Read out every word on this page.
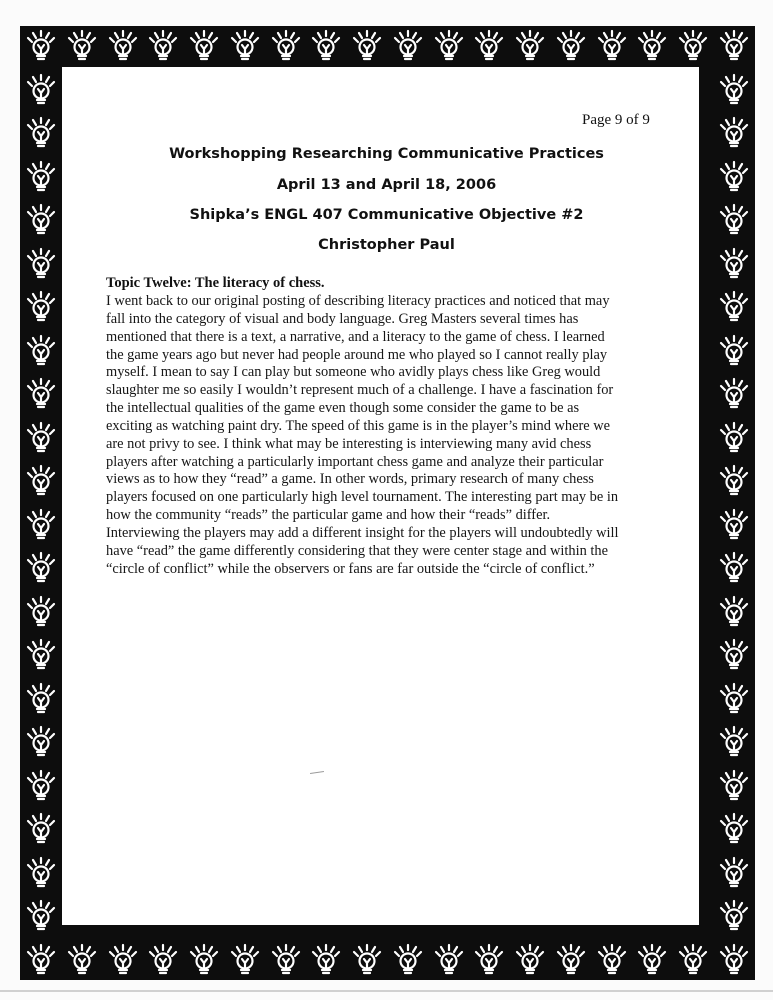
Page 9 of 9
Workshopping Researching Communicative Practices
April 13 and April 18, 2006
Shipka’s ENGL 407 Communicative Objective #2
Christopher Paul
Topic Twelve: The literacy of chess.
I went back to our original posting of describing literacy practices and noticed that may
fall into the category of visual and body language. Greg Masters several times has
mentioned that there is a text, a narrative, and a literacy to the game of chess. I learned
the game years ago but never had people around me who played so I cannot really play
myself. I mean to say I can play but someone who avidly plays chess like Greg would
slaughter me so easily I wouldn’t represent much of a challenge. I have a fascination for
the intellectual qualities of the game even though some consider the game to be as
exciting as watching paint dry. The speed of this game is in the player’s mind where we
are not privy to see. I think what may be interesting is interviewing many avid chess
players after watching a particularly important chess game and analyze their particular
views as to how they “read” a game. In other words, primary research of many chess
players focused on one particularly high level tournament. The interesting part may be in
how the community “reads” the particular game and how their “reads” differ.
Interviewing the players may add a different insight for the players will undoubtedly will
have “read” the game differently considering that they were center stage and within the
“circle of conflict” while the observers or fans are far outside the “circle of conflict.”
